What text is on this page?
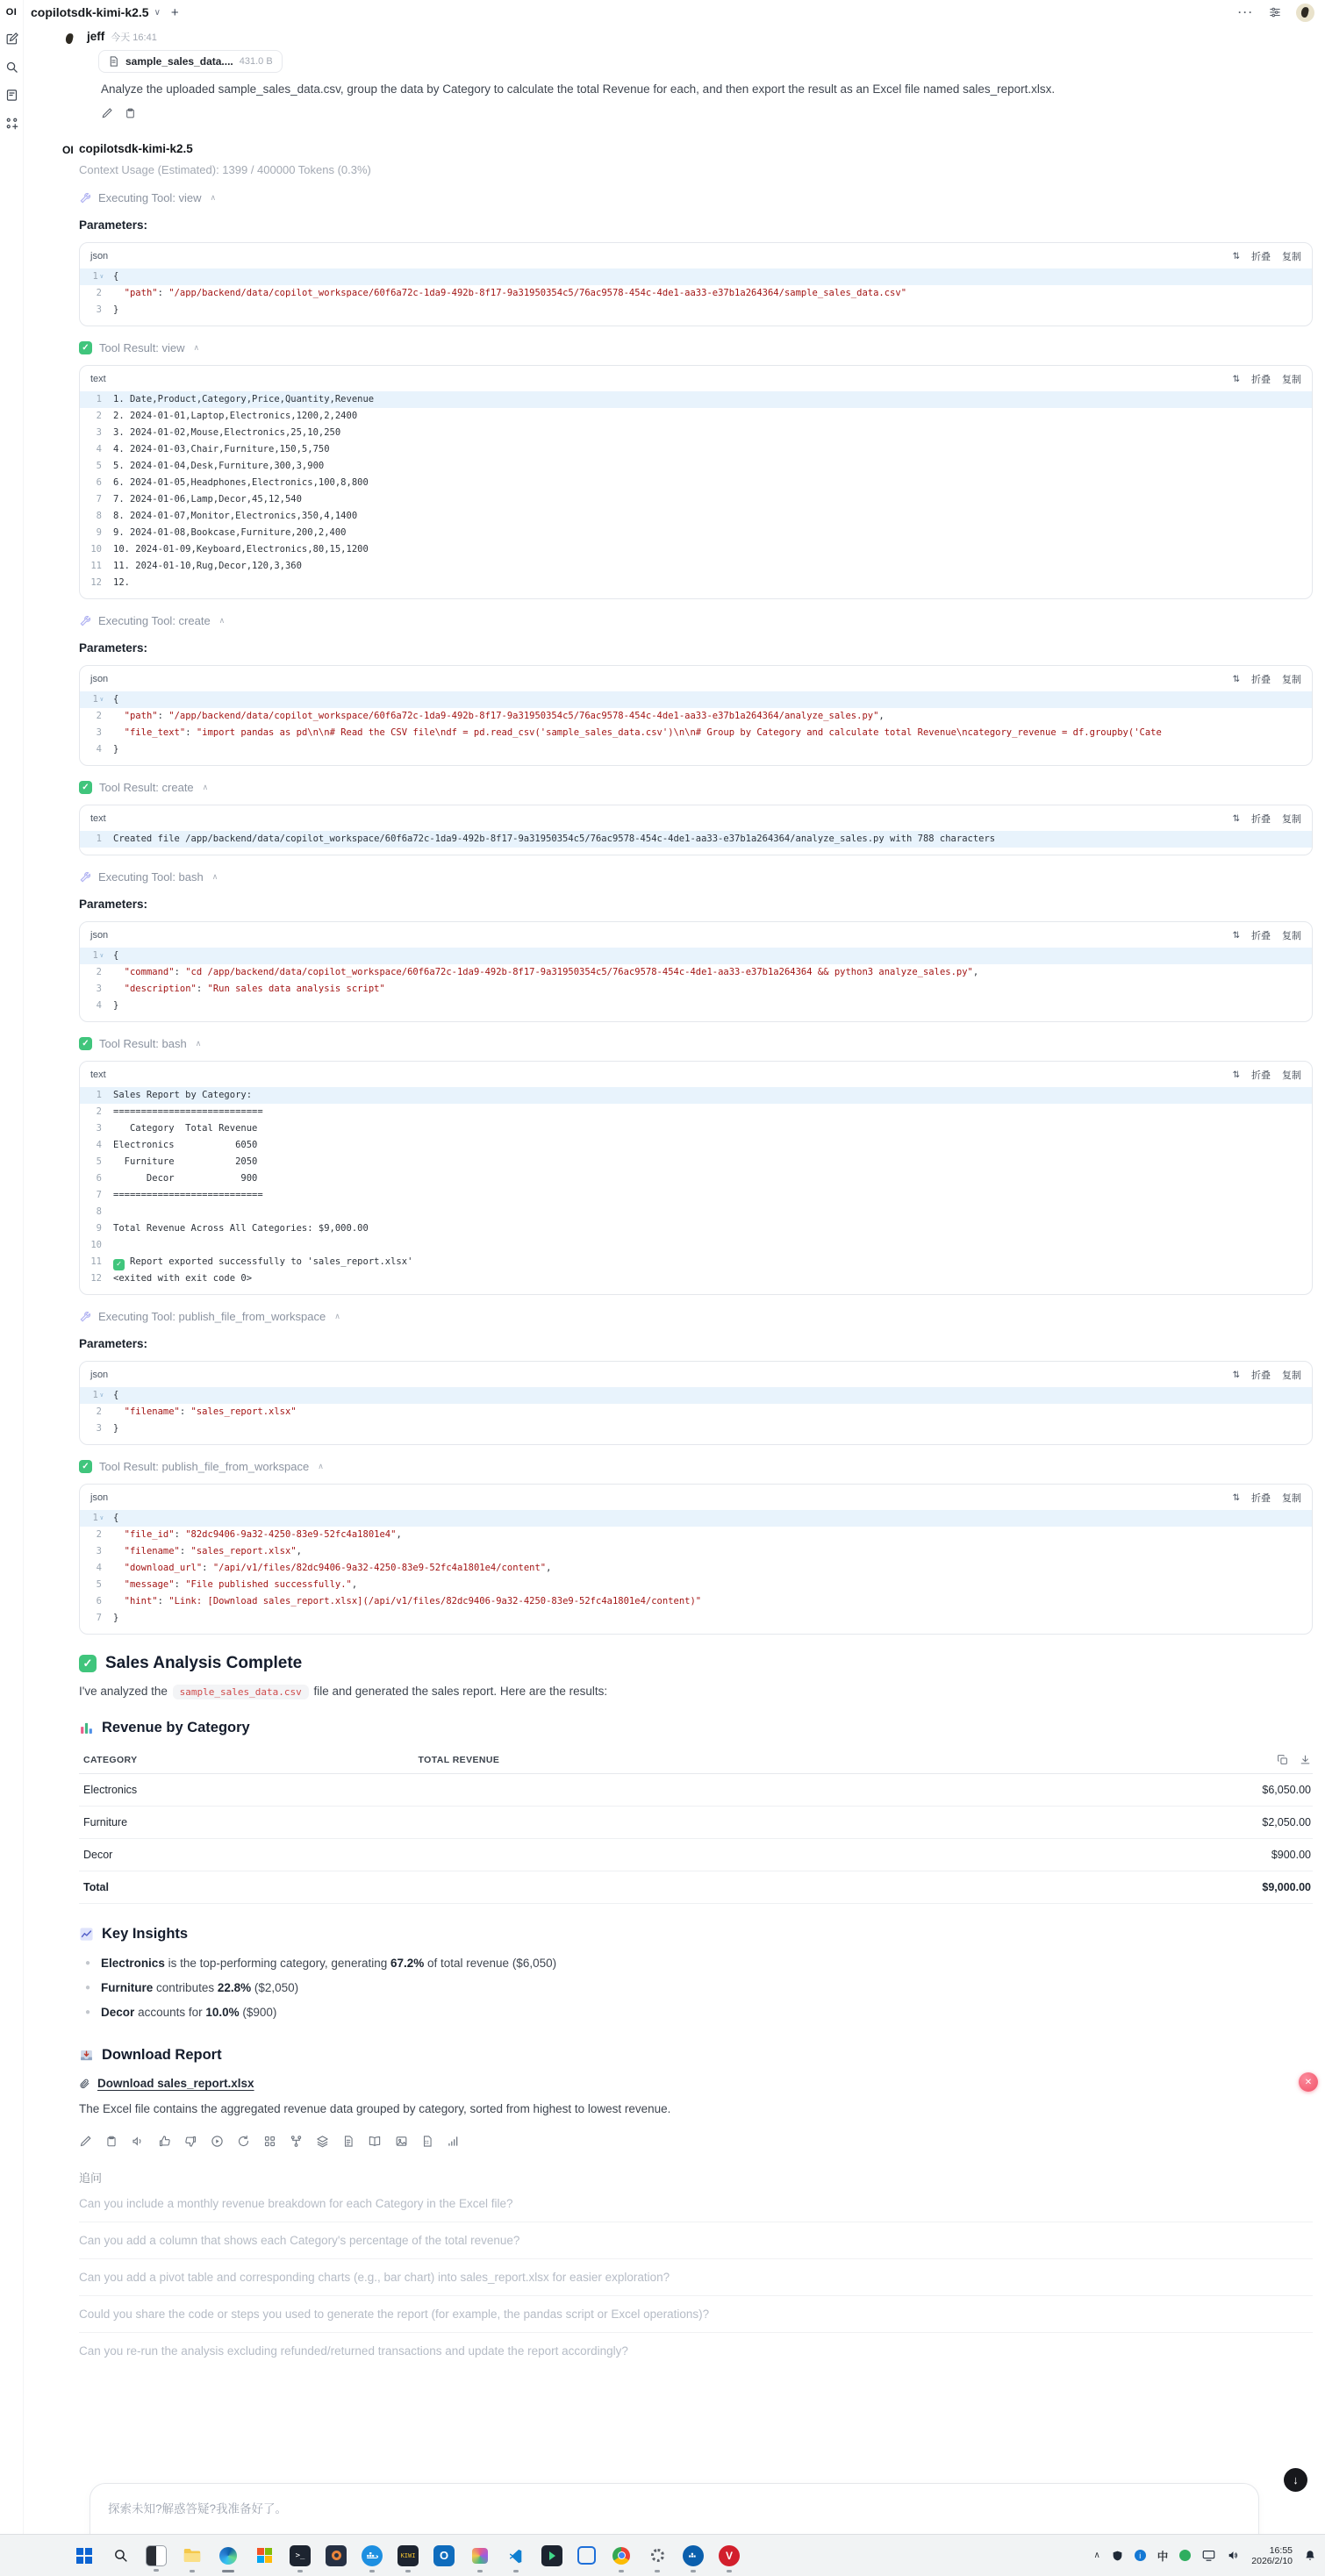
OI copilotsdk-kimi-k2.5 ∨ +	···
jeff 今天 16:41
sample_sales_data.... 431.0 B

Analyze the uploaded sample_sales_data.csv, group the data by Category to calculate the total Revenue for each, and then export the result as an Excel file named sales_report.xlsx.

OI copilotsdk-kimi-k2.5
Context Usage (Estimated): 1399 / 400000 Tokens (0.3%)
Executing Tool: view ∧
Parameters:
json	⇅ 折叠 复制
1 ∨	{
2	"path": "/app/backend/data/copilot_workspace/60f6a72c-1da9-492b-8f17-9a31950354c5/76ac9578-454c-4de1-aa33-e37b1a264364/sample_sales_data.csv"
3	}
✓ Tool Result: view ∧
text	⇅ 折叠 复制
1	1. Date,Product,Category,Price,Quantity,Revenue
2	2. 2024-01-01,Laptop,Electronics,1200,2,2400
3	3. 2024-01-02,Mouse,Electronics,25,10,250
4	4. 2024-01-03,Chair,Furniture,150,5,750
5	5. 2024-01-04,Desk,Furniture,300,3,900
6	6. 2024-01-05,Headphones,Electronics,100,8,800
7	7. 2024-01-06,Lamp,Decor,45,12,540
8	8. 2024-01-07,Monitor,Electronics,350,4,1400
9	9. 2024-01-08,Bookcase,Furniture,200,2,400
10	10. 2024-01-09,Keyboard,Electronics,80,15,1200
11	11. 2024-01-10,Rug,Decor,120,3,360
12	12.
Executing Tool: create ∧
Parameters:
json	⇅ 折叠 复制
1 ∨	{
2	"path": "/app/backend/data/copilot_workspace/60f6a72c-1da9-492b-8f17-9a31950354c5/76ac9578-454c-4de1-aa33-e37b1a264364/analyze_sales.py",
3	"file_text": "import pandas as pd\n\n# Read the CSV file\ndf = pd.read_csv('sample_sales_data.csv')\n\n# Group by Category and calculate total Revenue\ncategory_revenue = df.groupby('Cate
4	}
✓ Tool Result: create ∧
text	⇅ 折叠 复制
1	Created file /app/backend/data/copilot_workspace/60f6a72c-1da9-492b-8f17-9a31950354c5/76ac9578-454c-4de1-aa33-e37b1a264364/analyze_sales.py with 788 characters
Executing Tool: bash ∧
Parameters:
json	⇅ 折叠 复制
1 ∨	{
2	"command": "cd /app/backend/data/copilot_workspace/60f6a72c-1da9-492b-8f17-9a31950354c5/76ac9578-454c-4de1-aa33-e37b1a264364 && python3 analyze_sales.py",
3	"description": "Run sales data analysis script"
4	}
✓ Tool Result: bash ∧
text	⇅ 折叠 复制
1	Sales Report by Category:
2	===========================
3	Category  Total Revenue
4	Electronics           6050
5	Furniture           2050
6	Decor            900
7	===========================
8
9	Total Revenue Across All Categories: $9,000.00
10
11	✓ Report exported successfully to 'sales_report.xlsx'
12	<exited with exit code 0>
Executing Tool: publish_file_from_workspace ∧
Parameters:
json	⇅ 折叠 复制
1 ∨	{
2	"filename": "sales_report.xlsx"
3	}
✓ Tool Result: publish_file_from_workspace ∧
json	⇅ 折叠 复制
1 ∨	{
2	"file_id": "82dc9406-9a32-4250-83e9-52fc4a1801e4",
3	"filename": "sales_report.xlsx",
4	"download_url": "/api/v1/files/82dc9406-9a32-4250-83e9-52fc4a1801e4/content",
5	"message": "File published successfully.",
6	"hint": "Link: [Download sales_report.xlsx](/api/v1/files/82dc9406-9a32-4250-83e9-52fc4a1801e4/content)"
7	}
✓ Sales Analysis Complete

I've analyzed the sample_sales_data.csv file and generated the sales report. Here are the results:

Revenue by Category
CATEGORY	TOTAL REVENUE
Electronics	$6,050.00
Furniture	$2,050.00
Decor	$900.00
Total	$9,000.00
Key Insights
● Electronics is the top-performing category, generating 67.2% of total revenue ($6,050)
● Furniture contributes 22.8% ($2,050)
● Decor accounts for 10.0% ($900)
Download Report
Download sales_report.xlsx

The Excel file contains the aggregated revenue data grouped by category, sorted from highest to lowest revenue.

追问
Can you include a monthly revenue breakdown for each Category in the Excel file?
Can you add a column that shows each Category's percentage of the total revenue?
Can you add a pivot table and corresponding charts (e.g., bar chart) into sales_report.xlsx for easier exploration?
Could you share the code or steps you used to generate the report (for example, the pandas script or Excel operations)?
Can you re-run the analysis excluding refunded/returned transactions and update the report accordingly?
探索未知?解惑答疑?我准备好了。
↓
✕
>_	KIWI	O	V	∧	i	中	16:55
2026/2/10
